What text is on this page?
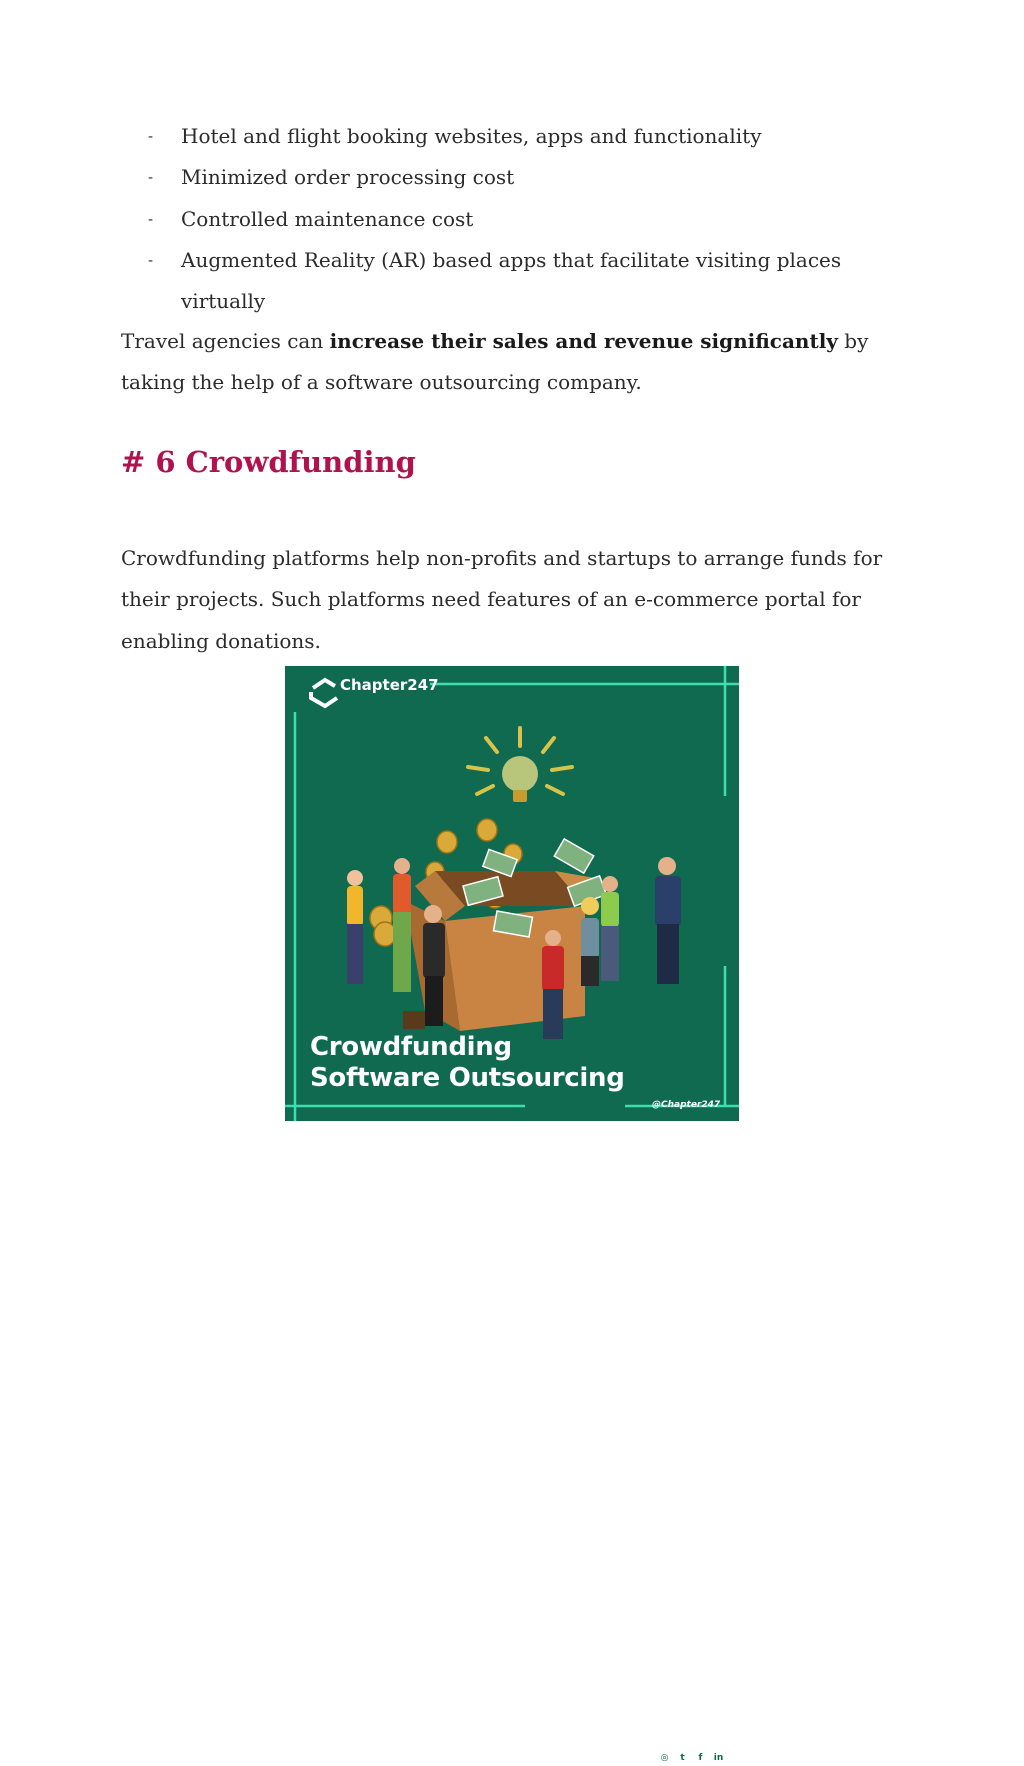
- Hotel and flight booking websites, apps and functionality
- Minimized order processing cost
- Controlled maintenance cost
- Augmented Reality (AR) based apps that facilitate visiting places virtually

Travel agencies can increase their sales and revenue significantly by taking the help of a software outsourcing company.

# 6 Crowdfunding

Crowdfunding platforms help non-profits and startups to arrange funds for their projects. Such platforms need features of an e-commerce portal for enabling donations.

◎	t	f	in
Chapter247
Crowdfunding
Software Outsourcing
@Chapter247
